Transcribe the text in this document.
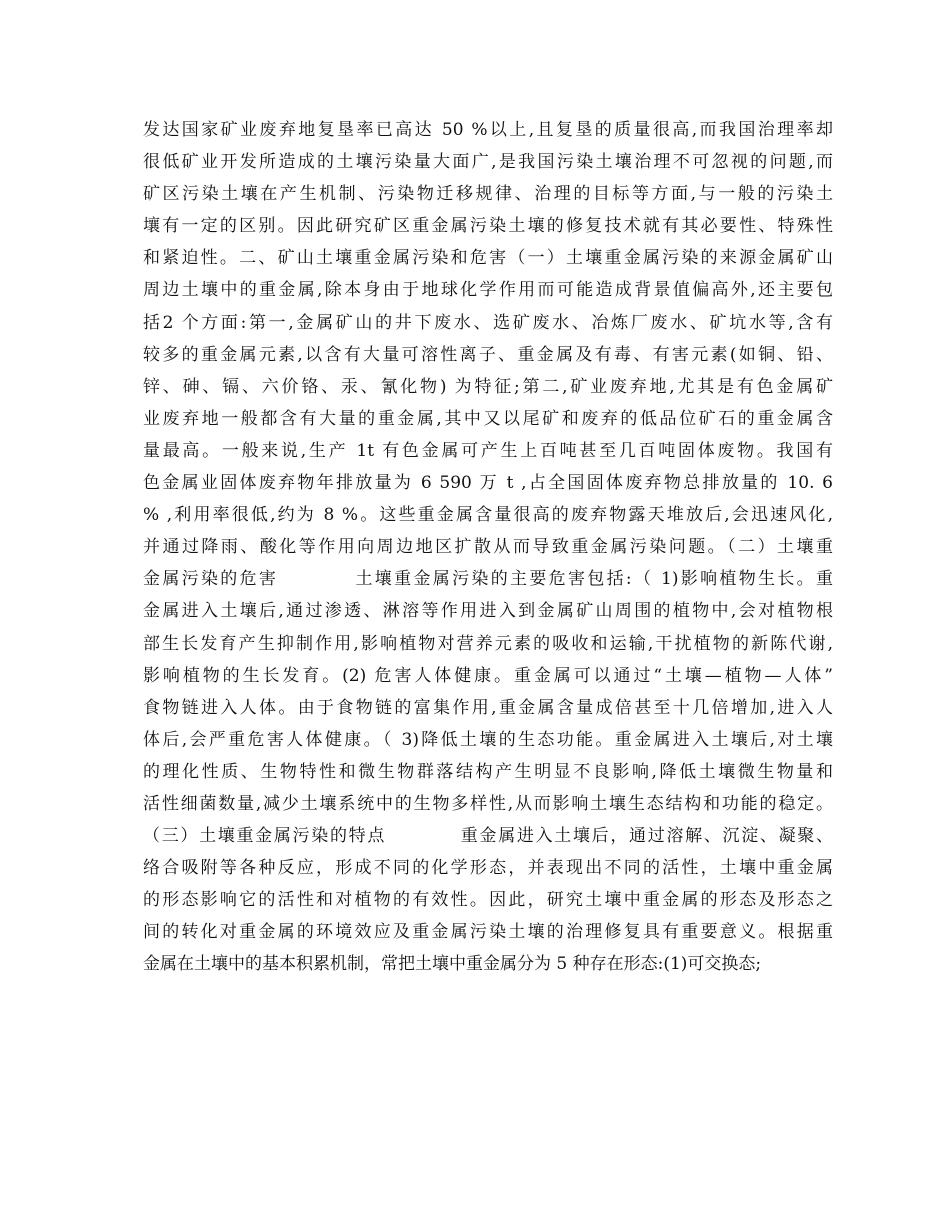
发达国家矿业废弃地复垦率已高达 50 %以上,且复垦的质量很高,而我国治理率却
很低矿业开发所造成的土壤污染量大面广,是我国污染土壤治理不可忽视的问题,而
矿区污染土壤在产生机制、污染物迁移规律、治理的目标等方面,与一般的污染土
壤有一定的区别。因此研究矿区重金属污染土壤的修复技术就有其必要性、特殊性
和紧迫性。二、矿山土壤重金属污染和危害（一）土壤重金属污染的来源金属矿山
周边土壤中的重金属,除本身由于地球化学作用而可能造成背景值偏高外,还主要包
括2 个方面:第一,金属矿山的井下废水、选矿废水、冶炼厂废水、矿坑水等,含有
较多的重金属元素,以含有大量可溶性离子、重金属及有毒、有害元素(如铜、铅、
锌、砷、镉、六价铬、汞、氰化物) 为特征;第二,矿业废弃地,尤其是有色金属矿
业废弃地一般都含有大量的重金属,其中又以尾矿和废弃的低品位矿石的重金属含
量最高。一般来说,生产 1t 有色金属可产生上百吨甚至几百吨固体废物。我国有
色金属业固体废弃物年排放量为 6 590 万 t ,占全国固体废弃物总排放量的 10. 6
% ,利用率很低,约为 8 %。这些重金属含量很高的废弃物露天堆放后,会迅速风化,
并通过降雨、酸化等作用向周边地区扩散从而导致重金属污染问题。（二）土壤重
金属污染的危害　　　　土壤重金属污染的主要危害包括:（ 1)影响植物生长。重
金属进入土壤后,通过渗透、淋溶等作用进入到金属矿山周围的植物中,会对植物根
部生长发育产生抑制作用,影响植物对营养元素的吸收和运输,干扰植物的新陈代谢,
影响植物的生长发育。(2) 危害人体健康。重金属可以通过“土壤—植物—人体”
食物链进入人体。由于食物链的富集作用,重金属含量成倍甚至十几倍增加,进入人
体后,会严重危害人体健康。（ 3)降低土壤的生态功能。重金属进入土壤后,对土壤
的理化性质、生物特性和微生物群落结构产生明显不良影响,降低土壤微生物量和
活性细菌数量,减少土壤系统中的生物多样性,从而影响土壤生态结构和功能的稳定。
（三）土壤重金属污染的特点　　　　重金属进入土壤后，通过溶解、沉淀、凝聚、
络合吸附等各种反应，形成不同的化学形态，并表现出不同的活性，土壤中重金属
的形态影响它的活性和对植物的有效性。因此，研究土壤中重金属的形态及形态之
间的转化对重金属的环境效应及重金属污染土壤的治理修复具有重要意义。根据重
金属在土壤中的基本积累机制，常把土壤中重金属分为 5 种存在形态:(1)可交换态;
